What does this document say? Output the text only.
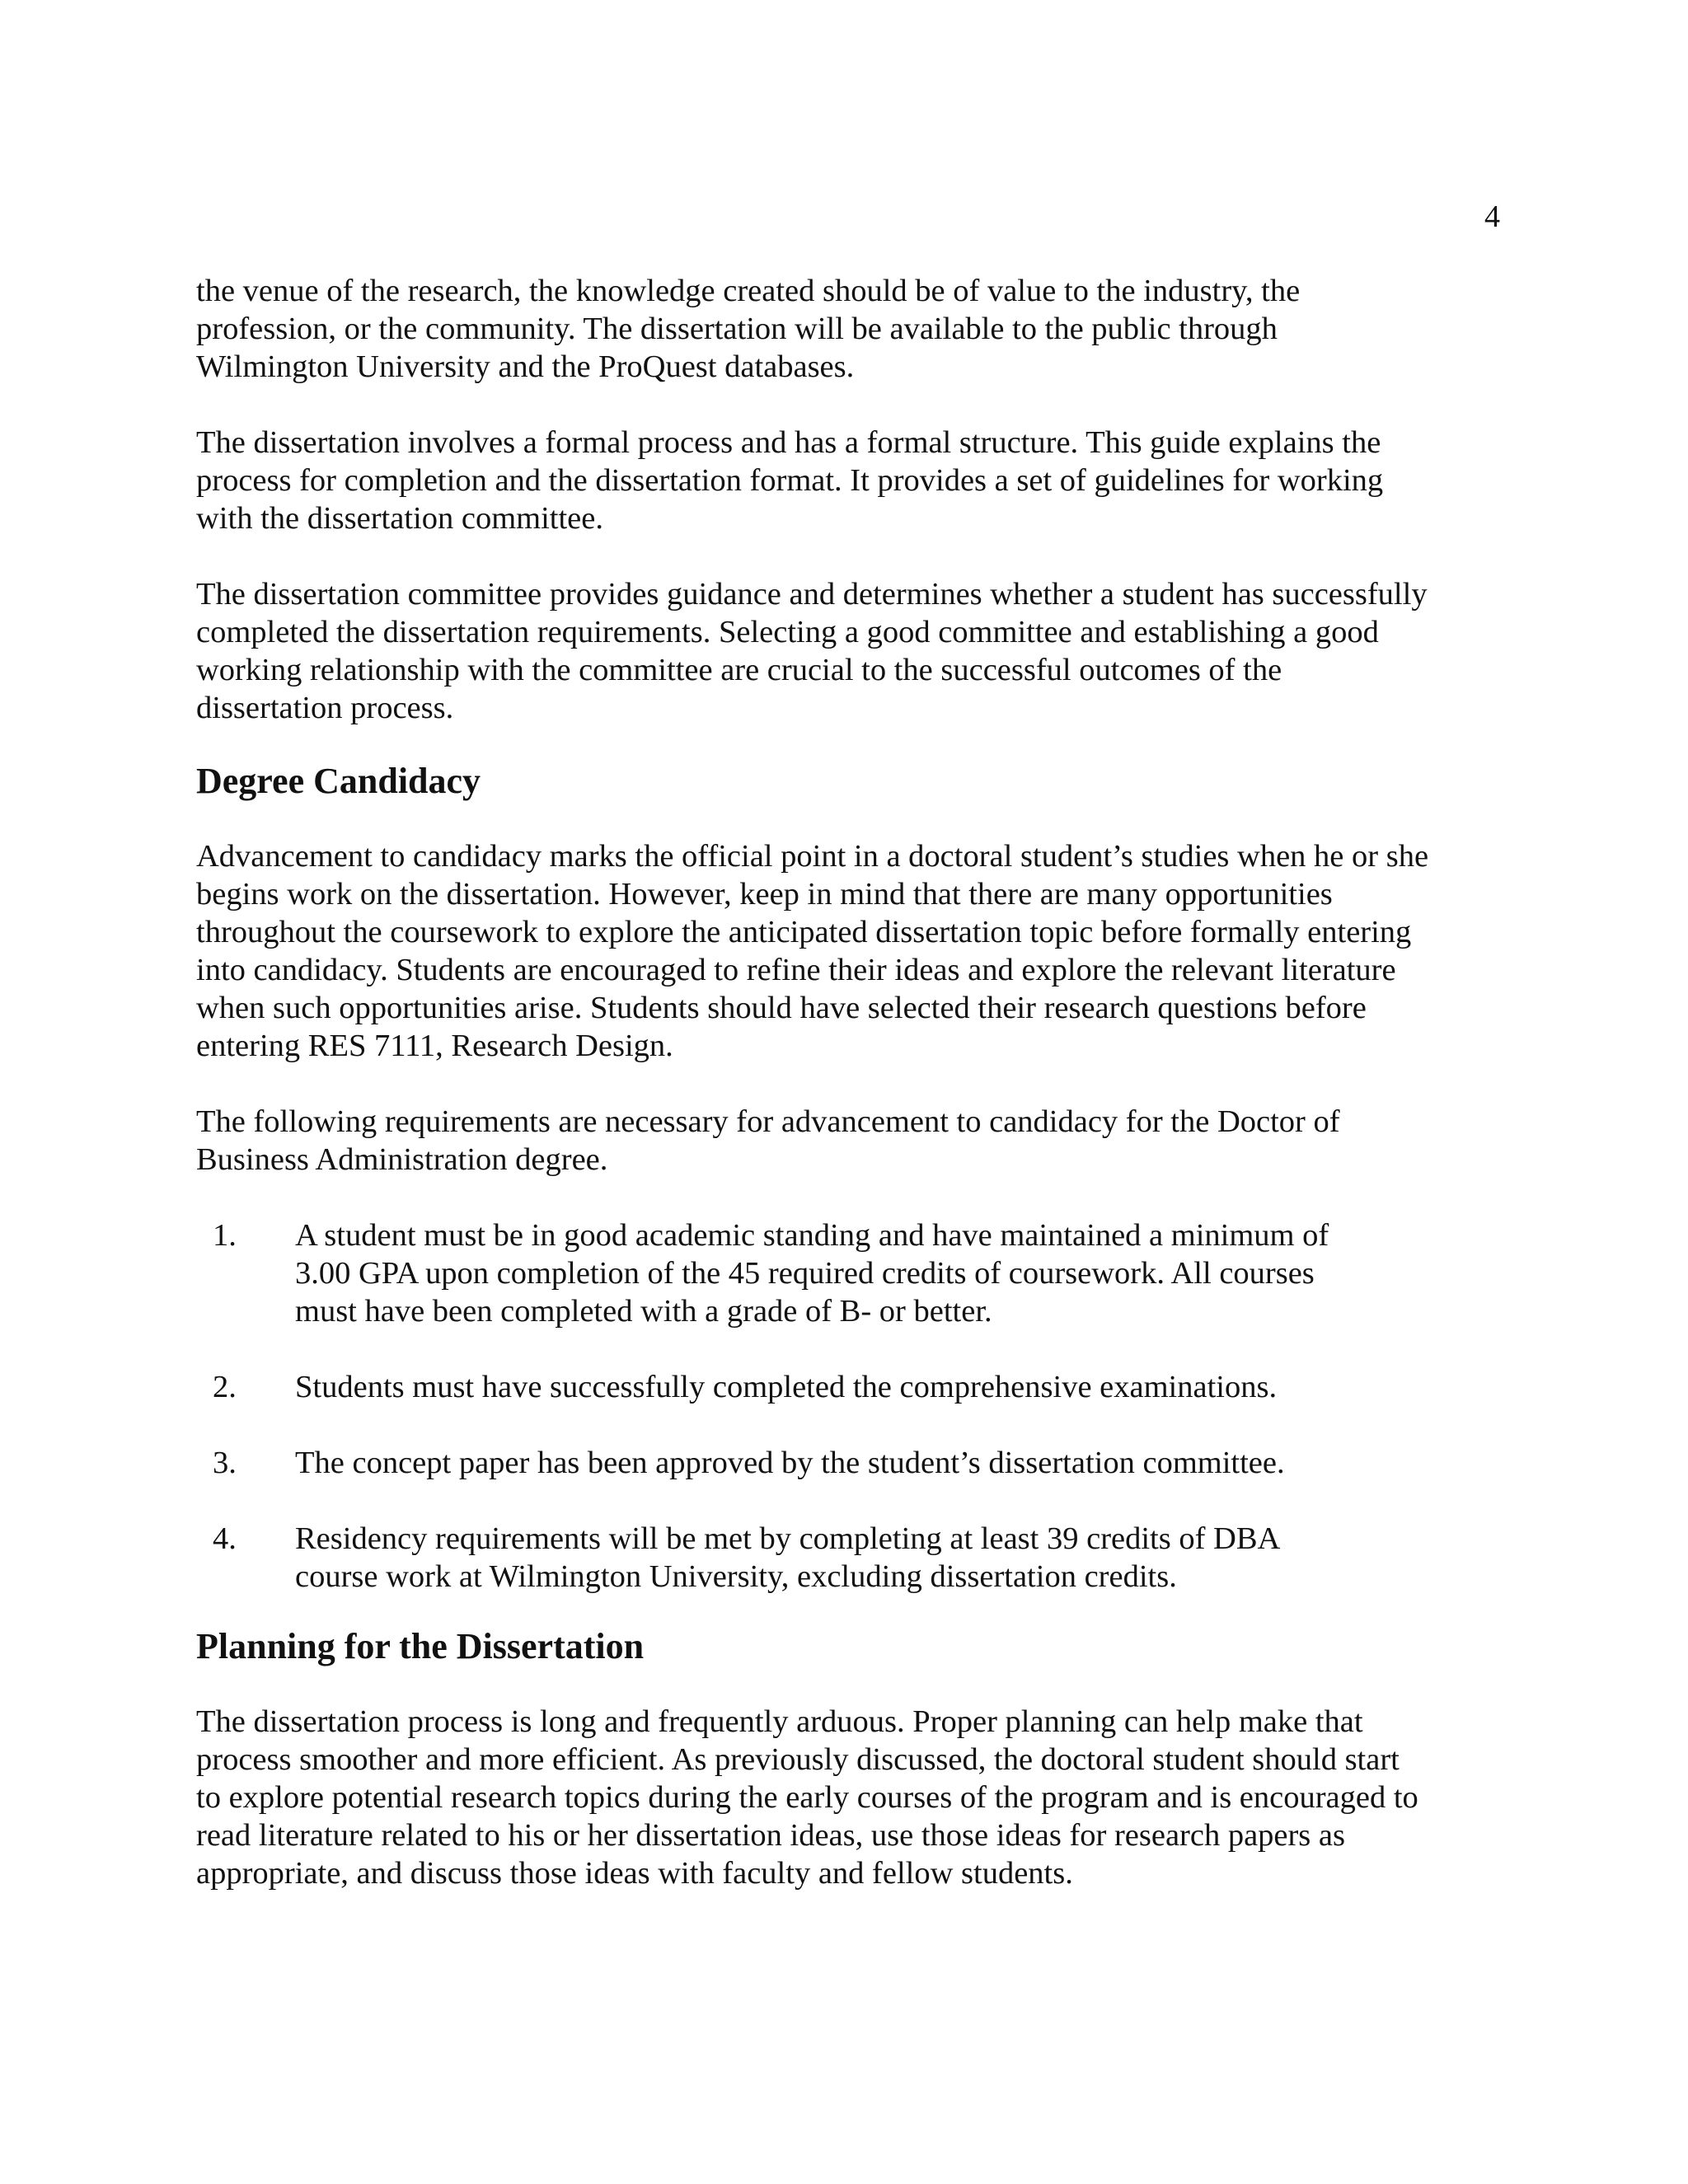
4

the venue of the research, the knowledge created should be of value to the industry, the
profession, or the community. The dissertation will be available to the public through
Wilmington University and the ProQuest databases.

The dissertation involves a formal process and has a formal structure. This guide explains the
process for completion and the dissertation format. It provides a set of guidelines for working
with the dissertation committee.

The dissertation committee provides guidance and determines whether a student has successfully
completed the dissertation requirements. Selecting a good committee and establishing a good
working relationship with the committee are crucial to the successful outcomes of the
dissertation process.

Degree Candidacy

Advancement to candidacy marks the official point in a doctoral student’s studies when he or she
begins work on the dissertation. However, keep in mind that there are many opportunities
throughout the coursework to explore the anticipated dissertation topic before formally entering
into candidacy. Students are encouraged to refine their ideas and explore the relevant literature
when such opportunities arise. Students should have selected their research questions before
entering RES 7111, Research Design.

The following requirements are necessary for advancement to candidacy for the Doctor of
Business Administration degree.

1.	A student must be in good academic standing and have maintained a minimum of
3.00 GPA upon completion of the 45 required credits of coursework. All courses
must have been completed with a grade of B- or better.
2.	Students must have successfully completed the comprehensive examinations.
3.	The concept paper has been approved by the student’s dissertation committee.
4.	Residency requirements will be met by completing at least 39 credits of DBA
course work at Wilmington University, excluding dissertation credits.
Planning for the Dissertation

The dissertation process is long and frequently arduous. Proper planning can help make that
process smoother and more efficient. As previously discussed, the doctoral student should start
to explore potential research topics during the early courses of the program and is encouraged to
read literature related to his or her dissertation ideas, use those ideas for research papers as
appropriate, and discuss those ideas with faculty and fellow students.
